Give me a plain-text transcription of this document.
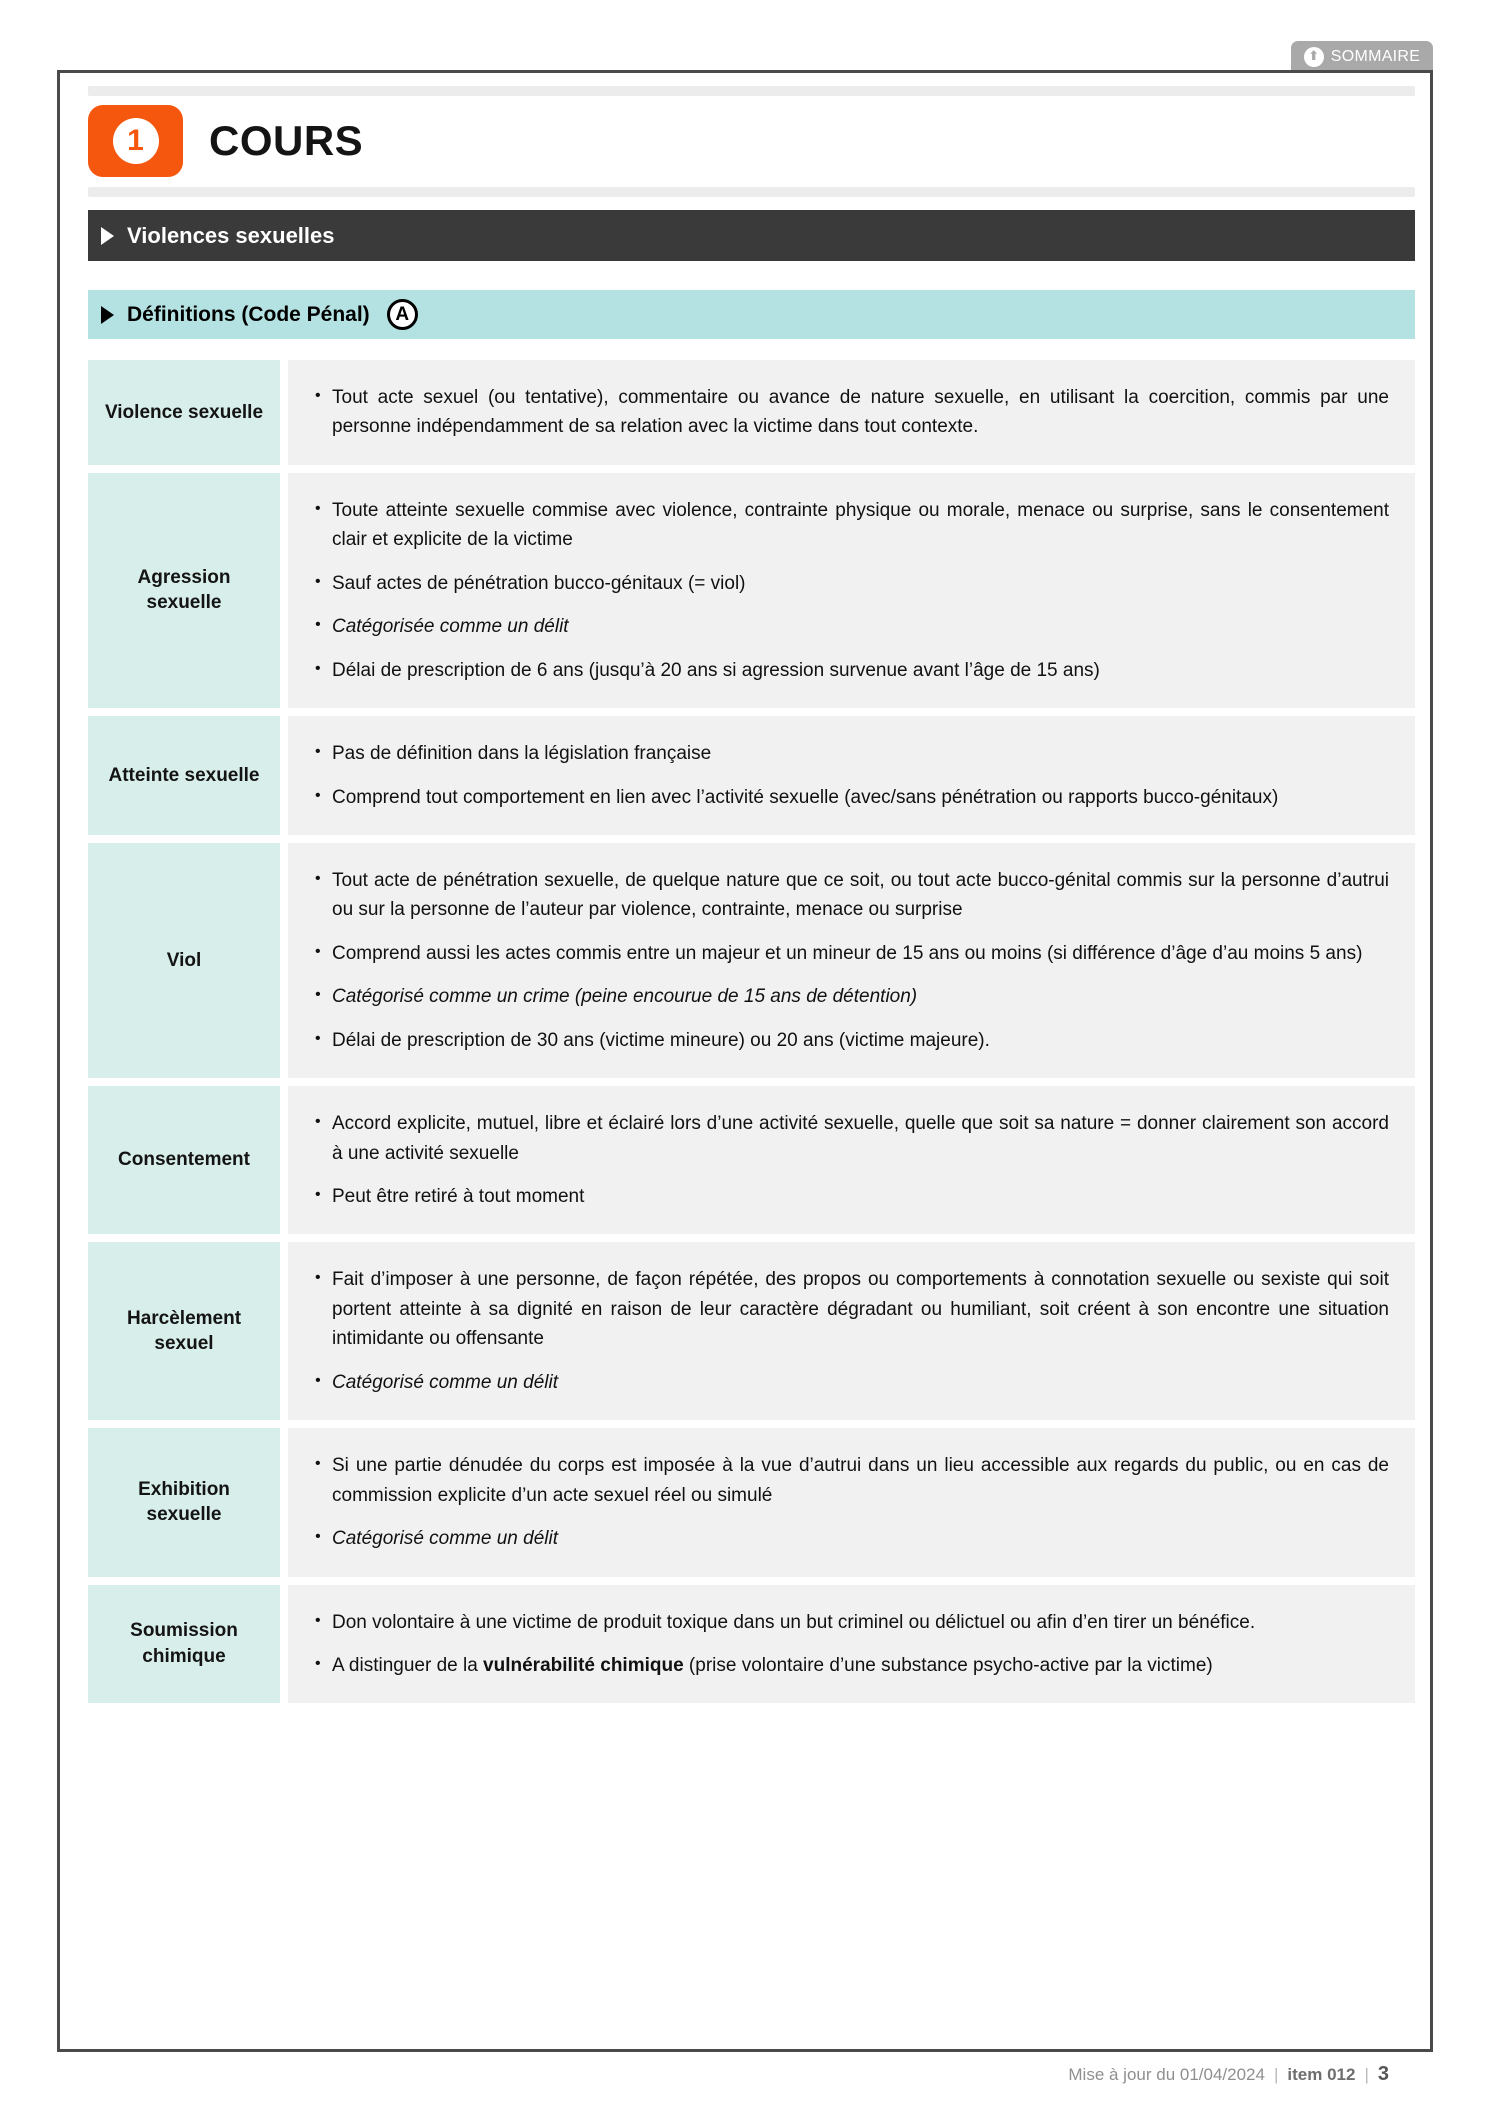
⬆ SOMMAIRE
1	COURS
Violences sexuelles
Définitions (Code Pénal)	A
Violence sexuelle
• Tout acte sexuel (ou tentative), commentaire ou avance de nature sexuelle, en utilisant la coercition, commis par une personne indépendamment de sa relation avec la victime dans tout contexte.
Agression sexuelle
• Toute atteinte sexuelle commise avec violence, contrainte physique ou morale, menace ou surprise, sans le consentement clair et explicite de la victime
• Sauf actes de pénétration bucco-génitaux (= viol)
• Catégorisée comme un délit
• Délai de prescription de 6 ans (jusqu’à 20 ans si agression survenue avant l’âge de 15 ans)
Atteinte sexuelle
• Pas de définition dans la législation française
• Comprend tout comportement en lien avec l’activité sexuelle (avec/sans pénétration ou rapports bucco-génitaux)
Viol
• Tout acte de pénétration sexuelle, de quelque nature que ce soit, ou tout acte bucco-génital commis sur la personne d’autrui ou sur la personne de l’auteur par violence, contrainte, menace ou surprise
• Comprend aussi les actes commis entre un majeur et un mineur de 15 ans ou moins (si différence d’âge d’au moins 5 ans)
• Catégorisé comme un crime (peine encourue de 15 ans de détention)
• Délai de prescription de 30 ans (victime mineure) ou 20 ans (victime majeure).
Consentement
• Accord explicite, mutuel, libre et éclairé lors d’une activité sexuelle, quelle que soit sa nature = donner clairement son accord à une activité sexuelle
• Peut être retiré à tout moment
Harcèlement sexuel
• Fait d’imposer à une personne, de façon répétée, des propos ou comportements à connotation sexuelle ou sexiste qui soit portent atteinte à sa dignité en raison de leur caractère dégradant ou humiliant, soit créent à son encontre une situation intimidante ou offensante
• Catégorisé comme un délit
Exhibition sexuelle
• Si une partie dénudée du corps est imposée à la vue d’autrui dans un lieu accessible aux regards du public, ou en cas de commission explicite d’un acte sexuel réel ou simulé
• Catégorisé comme un délit
Soumission chimique
• Don volontaire à une victime de produit toxique dans un but criminel ou délictuel ou afin d’en tirer un bénéfice.
• A distinguer de la vulnérabilité chimique (prise volontaire d’une substance psycho-active par la victime)
Mise à jour du 01/04/2024 | item 012 | 3
